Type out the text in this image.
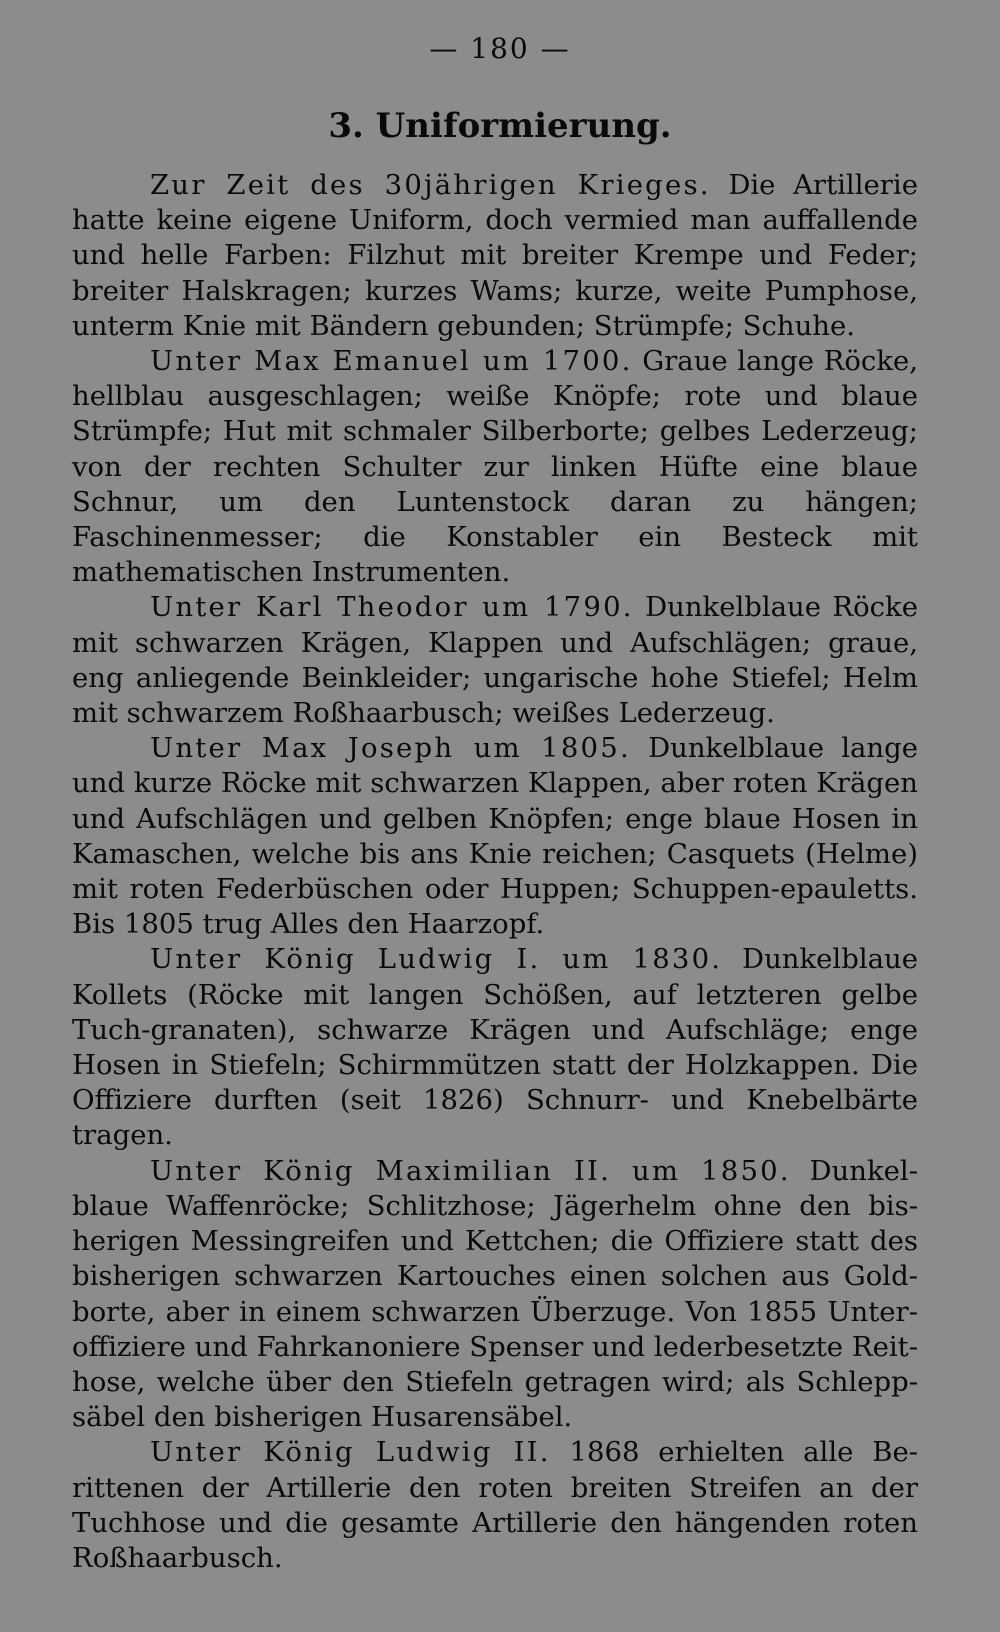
— 180 —
3. Uniformierung.

Zur Zeit des 30jährigen Krieges. Die Artillerie hatte keine eigene Uniform, doch vermied man auffallende und helle Farben: Filzhut mit breiter Krempe und Feder; breiter Halskragen; kurzes Wams; kurze, weite Pumphose, unterm Knie mit Bändern gebunden; Strümpfe; Schuhe.

Unter Max Emanuel um 1700. Graue lange Röcke, hellblau ausgeschlagen; weiße Knöpfe; rote und blaue Strümpfe; Hut mit schmaler Silberborte; gelbes Lederzeug; von der rechten Schulter zur linken Hüfte eine blaue Schnur, um den Luntenstock daran zu hängen; Faschinenmesser; die Konstabler ein Besteck mit mathematischen Instrumenten.

Unter Karl Theodor um 1790. Dunkelblaue Röcke mit schwarzen Krägen, Klappen und Aufschlägen; graue, eng anliegende Beinkleider; ungarische hohe Stiefel; Helm mit schwarzem Roßhaarbusch; weißes Lederzeug.

Unter Max Joseph um 1805. Dunkelblaue lange und kurze Röcke mit schwarzen Klappen, aber roten Krägen und Aufschlägen und gelben Knöpfen; enge blaue Hosen in Kamaschen, welche bis ans Knie reichen; Casquets (Helme) mit roten Federbüschen oder Huppen; Schuppen-epauletts. Bis 1805 trug Alles den Haarzopf.

Unter König Ludwig I. um 1830. Dunkelblaue Kollets (Röcke mit langen Schößen, auf letzteren gelbe Tuch-granaten), schwarze Krägen und Aufschläge; enge Hosen in Stiefeln; Schirmmützen statt der Holzkappen. Die Offiziere durften (seit 1826) Schnurr- und Knebelbärte tragen.

Unter König Maximilian II. um 1850. Dunkel-blaue Waffenröcke; Schlitzhose; Jägerhelm ohne den bis-herigen Messingreifen und Kettchen; die Offiziere statt des bisherigen schwarzen Kartouches einen solchen aus Gold-borte, aber in einem schwarzen Überzuge. Von 1855 Unter-offiziere und Fahrkanoniere Spenser und lederbesetzte Reit-hose, welche über den Stiefeln getragen wird; als Schlepp-säbel den bisherigen Husarensäbel.

Unter König Ludwig II. 1868 erhielten alle Be-rittenen der Artillerie den roten breiten Streifen an der Tuchhose und die gesamte Artillerie den hängenden roten Roßhaarbusch.
